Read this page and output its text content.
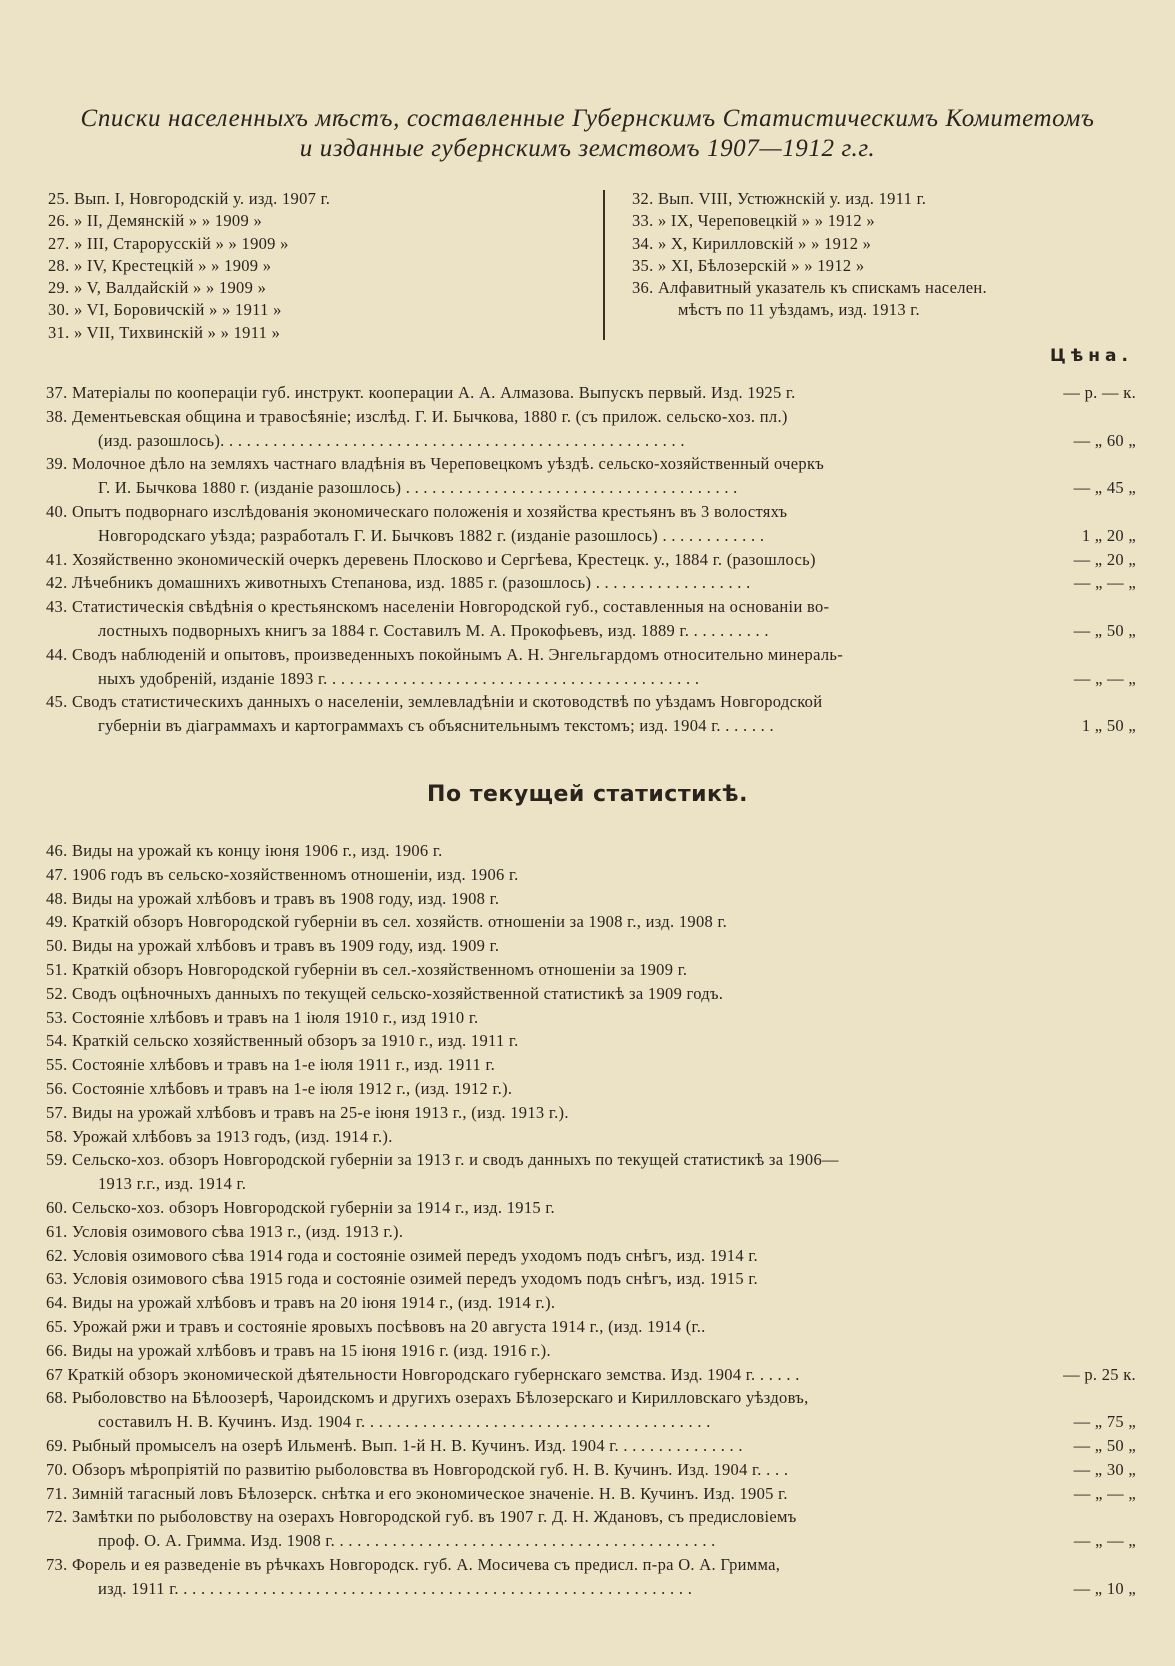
Списки населенныхъ мѣстъ, составленные Губернскимъ Статистическимъ Комитетомъ
и изданные губернскимъ земствомъ 1907—1912 г.г.
25. Вып. I, Новгородскій у. изд. 1907 г.
26. » II, Демянскій » » 1909 »
27. » III, Старорусскій » » 1909 »
28. » IV, Крестецкій » » 1909 »
29. » V, Валдайскій » » 1909 »
30. » VI, Боровичскій » » 1911 »
31. » VII, Тихвинскій » » 1911 »
32. Вып. VIII, Устюжнскій у. изд. 1911 г.
33. » IX, Череповецкій » » 1912 »
34. » X, Кирилловскій » » 1912 »
35. » XI, Бѣлозерскій » » 1912 »
36. Алфавитный указатель къ спискамъ населен.
мѣстъ по 11 уѣздамъ, изд. 1913 г.
Цѣна.
37. Матеріалы по коопераціи губ. инструкт. кооперации А. А. Алмазова. Выпускъ первый. Изд. 1925 г.	— р. — к.
38. Дементьевская община и травосѣяніе; изслѣд. Г. И. Бычкова, 1880 г. (съ прилож. сельско-хоз. пл.)
(изд. разошлось). . . . . . . . . . . . . . . . . . . . . . . . . . . . . . . . . . . . . . . . . . . . . . . . . . . . .	— „ 60 „
39. Молочное дѣло на земляхъ частнаго владѣнія въ Череповецкомъ уѣздѣ. сельско-хозяйственный очеркъ
Г. И. Бычкова 1880 г. (изданіе разошлось) . . . . . . . . . . . . . . . . . . . . . . . . . . . . . . . . . . . . . .	— „ 45 „
40. Опытъ подворнаго изслѣдованія экономическаго положенія и хозяйства крестьянъ въ 3 волостяхъ
Новгородскаго уѣзда; разработалъ Г. И. Бычковъ 1882 г. (изданіе разошлось) . . . . . . . . . . . .	1 „ 20 „
41. Хозяйственно экономическій очеркъ деревень Плосково и Сергѣева, Крестецк. у., 1884 г. (разошлось)	— „ 20 „
42. Лѣчебникъ домашнихъ животныхъ Степанова, изд. 1885 г. (разошлось) . . . . . . . . . . . . . . . . . .	— „ — „
43. Статистическія свѣдѣнія о крестьянскомъ населеніи Новгородской губ., составленныя на основаніи во-
лостныхъ подворныхъ книгъ за 1884 г. Составилъ М. А. Прокофьевъ, изд. 1889 г. . . . . . . . . .	— „ 50 „
44. Сводъ наблюденій и опытовъ, произведенныхъ покойнымъ А. Н. Энгельгардомъ относительно минераль-
ныхъ удобреній, изданіе 1893 г. . . . . . . . . . . . . . . . . . . . . . . . . . . . . . . . . . . . . . . . . . .	— „ — „
45. Сводъ статистическихъ данныхъ о населеніи, землевладѣніи и скотоводствѣ по уѣздамъ Новгородской
губерніи въ діаграммахъ и картограммахъ съ объяснительнымъ текстомъ; изд. 1904 г. . . . . . .	1 „ 50 „
По текущей статистикѣ.
46. Виды на урожай къ концу іюня 1906 г., изд. 1906 г.
47. 1906 годъ въ сельско-хозяйственномъ отношеніи, изд. 1906 г.
48. Виды на урожай хлѣбовъ и травъ въ 1908 году, изд. 1908 г.
49. Краткій обзоръ Новгородской губерніи въ сел. хозяйств. отношеніи за 1908 г., изд. 1908 г.
50. Виды на урожай хлѣбовъ и травъ въ 1909 году, изд. 1909 г.
51. Краткій обзоръ Новгородской губерніи въ сел.-хозяйственномъ отношеніи за 1909 г.
52. Сводъ оцѣночныхъ данныхъ по текущей сельско-хозяйственной статистикѣ за 1909 годъ.
53. Состояніе хлѣбовъ и травъ на 1 іюля 1910 г., изд 1910 г.
54. Краткій сельско хозяйственный обзоръ за 1910 г., изд. 1911 г.
55. Состояніе хлѣбовъ и травъ на 1-е іюля 1911 г., изд. 1911 г.
56. Состояніе хлѣбовъ и травъ на 1-е іюля 1912 г., (изд. 1912 г.).
57. Виды на урожай хлѣбовъ и травъ на 25-е іюня 1913 г., (изд. 1913 г.).
58. Урожай хлѣбовъ за 1913 годъ, (изд. 1914 г.).
59. Сельско-хоз. обзоръ Новгородской губерніи за 1913 г. и сводъ данныхъ по текущей статистикѣ за 1906—
1913 г.г., изд. 1914 г.
60. Сельско-хоз. обзоръ Новгородской губерніи за 1914 г., изд. 1915 г.
61. Условія озимового сѣва 1913 г., (изд. 1913 г.).
62. Условія озимового сѣва 1914 года и состояніе озимей передъ уходомъ подъ снѣгъ, изд. 1914 г.
63. Условія озимового сѣва 1915 года и состояніе озимей передъ уходомъ подъ снѣгъ, изд. 1915 г.
64. Виды на урожай хлѣбовъ и травъ на 20 іюня 1914 г., (изд. 1914 г.).
65. Урожай ржи и травъ и состояніе яровыхъ посѣвовъ на 20 августа 1914 г., (изд. 1914 (г..
66. Виды на урожай хлѣбовъ и травъ на 15 іюня 1916 г. (изд. 1916 г.).
67 Краткій обзоръ экономической дѣятельности Новгородскаго губернскаго земства. Изд. 1904 г. . . . . .	— р. 25 к.
68. Рыболовство на Бѣлоозерѣ, Чароидскомъ и другихъ озерахъ Бѣлозерскаго и Кирилловскаго уѣздовъ,
составилъ Н. В. Кучинъ. Изд. 1904 г. . . . . . . . . . . . . . . . . . . . . . . . . . . . . . . . . . . . . . . .	— „ 75 „
69. Рыбный промыселъ на озерѣ Ильменѣ. Вып. 1-й Н. В. Кучинъ. Изд. 1904 г. . . . . . . . . . . . . . .	— „ 50 „
70. Обзоръ мѣропріятій по развитію рыболовства въ Новгородской губ. Н. В. Кучинъ. Изд. 1904 г. . . .	— „ 30 „
71. Зимній тагасный ловъ Бѣлозерск. снѣтка и его экономическое значеніе. Н. В. Кучинъ. Изд. 1905 г.	— „ — „
72. Замѣтки по рыболовству на озерахъ Новгородской губ. въ 1907 г. Д. Н. Ждановъ, съ предисловіемъ
проф. О. А. Гримма. Изд. 1908 г. . . . . . . . . . . . . . . . . . . . . . . . . . . . . . . . . . . . . . . . . . . .	— „ — „
73. Форель и ея разведеніе въ рѣчкахъ Новгородск. губ. А. Мосичева съ предисл. п-ра О. А. Гримма,
изд. 1911 г. . . . . . . . . . . . . . . . . . . . . . . . . . . . . . . . . . . . . . . . . . . . . . . . . . . . . . . . . . .	— „ 10 „
